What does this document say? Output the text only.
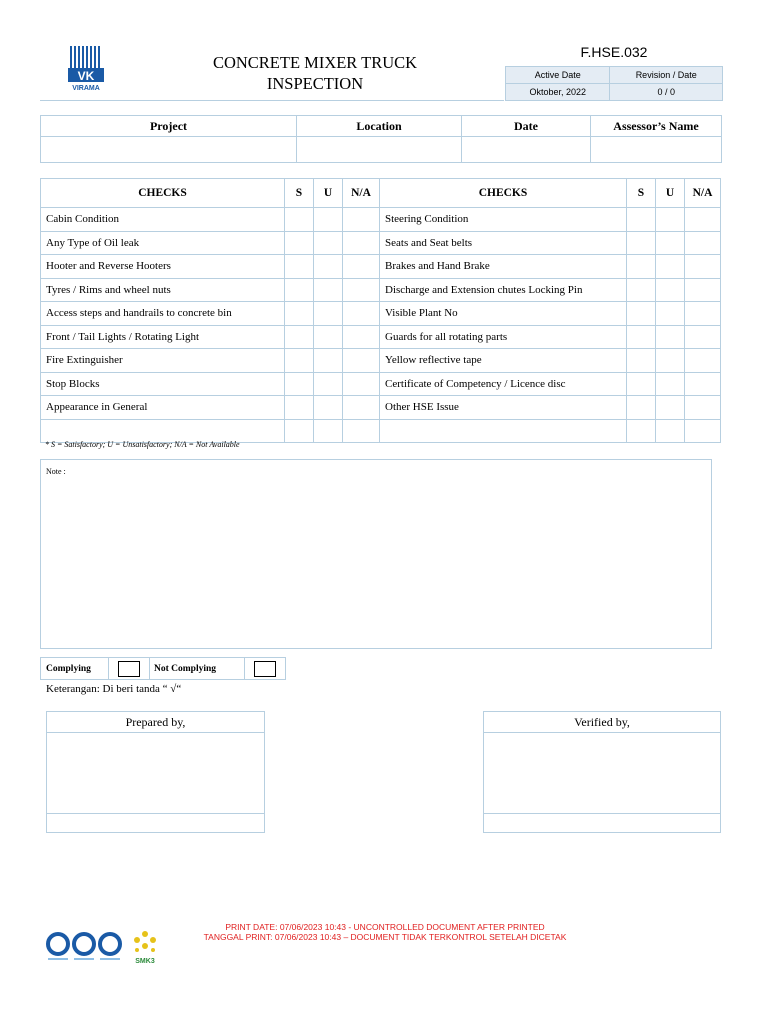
VK
VIRAMA
CONCRETE MIXER TRUCK
INSPECTION
F.HSE.032
Active Date	Revision / Date
Oktober, 2022	0 / 0
Project	Location	Date	Assessor’s Name

CHECKS	S	U	N/A	CHECKS	S	U	N/A
Cabin Condition				Steering Condition			
Any Type of Oil leak				Seats and Seat belts			
Hooter and Reverse Hooters				Brakes and Hand Brake			
Tyres / Rims and wheel nuts				Discharge and Extension chutes Locking Pin			
Access steps and handrails to concrete bin				Visible Plant No			
Front / Tail Lights / Rotating Light				Guards for all rotating parts			
Fire Extinguisher				Yellow reflective tape			
Stop Blocks				Certificate of Competency / Licence disc			
Appearance in General				Other HSE Issue			

* S = Satisfactory; U = Unsatisfactory; N/A = Not Available
Note :
Complying		Not Complying	
Keterangan: Di beri tanda “ √“
Prepared by,	Verified by,

SMK3
PRINT DATE: 07/06/2023 10:43 - UNCONTROLLED DOCUMENT AFTER PRINTED
TANGGAL PRINT: 07/06/2023 10:43 – DOCUMENT TIDAK TERKONTROL SETELAH DICETAK
